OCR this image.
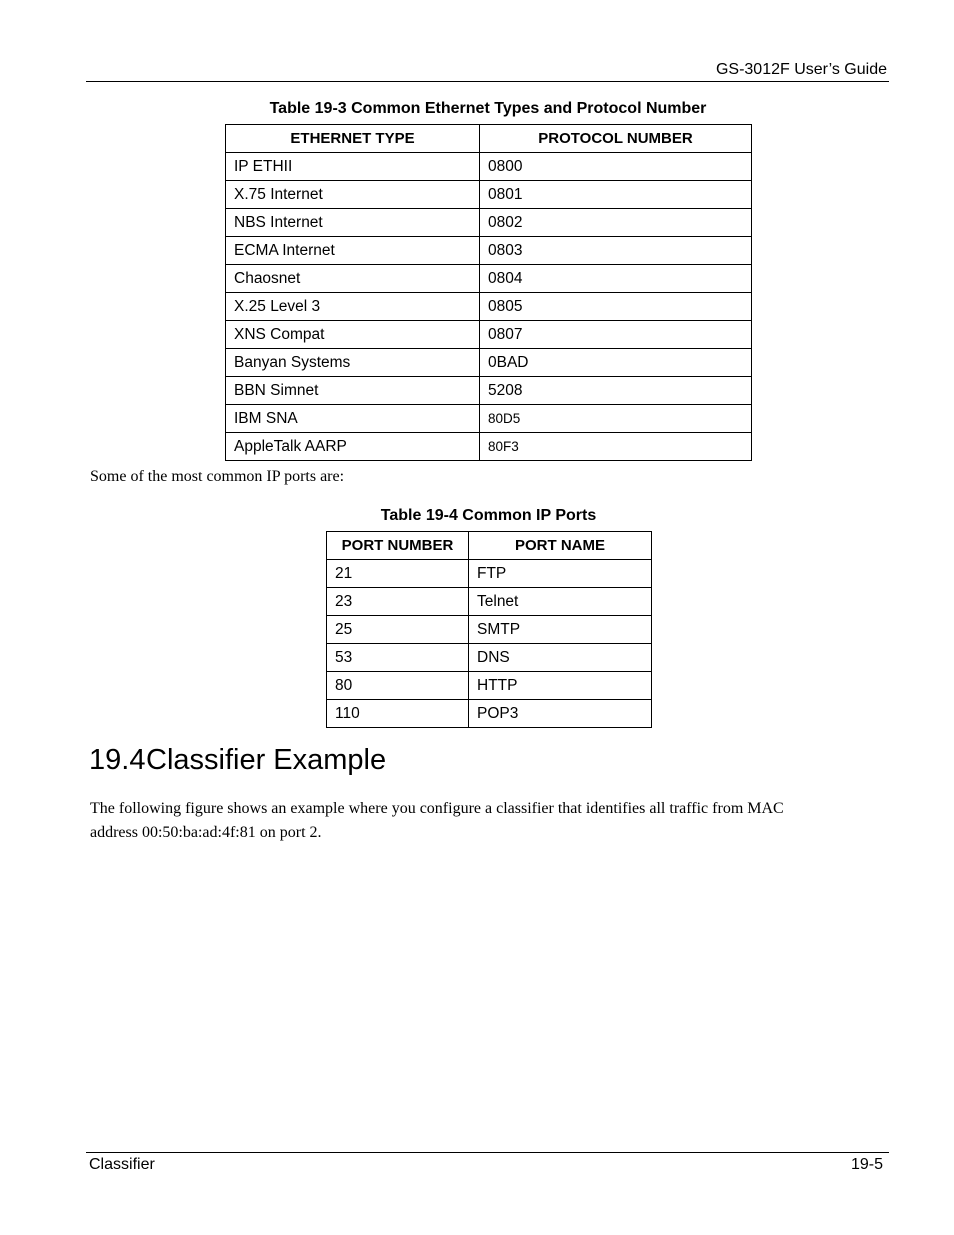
GS-3012F User’s Guide
Table 19-3 Common Ethernet Types and Protocol Number
ETHERNET TYPE	PROTOCOL NUMBER
IP ETHII	0800
X.75 Internet	0801
NBS Internet	0802
ECMA Internet	0803
Chaosnet	0804
X.25 Level 3	0805
XNS Compat	0807
Banyan Systems	0BAD
BBN Simnet	5208
IBM SNA	80D5
AppleTalk AARP	80F3
Some of the most common IP ports are:
Table 19-4 Common IP Ports
PORT NUMBER	PORT NAME
21	FTP
23	Telnet
25	SMTP
53	DNS
80	HTTP
110	POP3
19.4Classifier Example
The following figure shows an example where you configure a classifier that identifies all traffic from MAC
address 00:50:ba:ad:4f:81 on port 2.
Classifier	19-5
